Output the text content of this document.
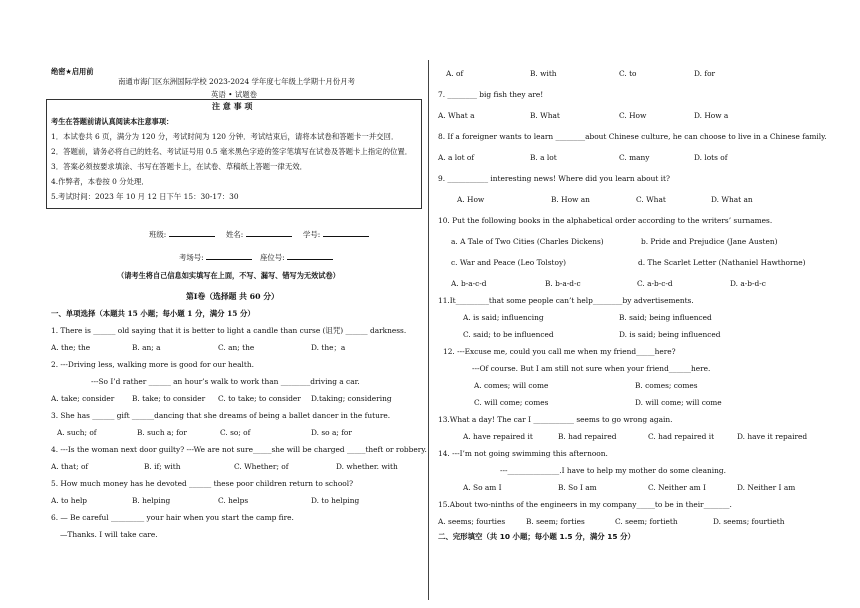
绝密★启用前
南通市海门区东洲国际学校 2023-2024 学年度七年级上学期十月份月考
英语 • 试题卷
注 意 事 项
考生在答题前请认真阅读本注意事项：
1．本试卷共 6 页，满分为 120 分，考试时间为 120 分钟．考试结束后，请将本试卷和答题卡一并交回．
2．答题前，请务必将自己的姓名、考试证号用 0.5 毫米黑色字迹的签字笔填写在试卷及答题卡上指定的位置．
3．答案必须按要求填涂、书写在答题卡上，在试卷、草稿纸上答题一律无效．
4.作弊者，本卷按 0 分处理．
5.考试时间：2023 年 10 月 12 日下午 15：30-17：30
班级:	姓名:	学号:
考场号:	座位号:
（请考生将自己信息如实填写在上面，不写、漏写、错写为无效试卷）
第Ⅰ卷（选择题 共 60 分）
一、单项选择（本题共 15 小题；每小题 1 分，满分 15 分）
1. There is ______ old saying that it is better to light a candle than curse (诅咒) ______ darkness.
A. the; the	B. an; a	C. an; the	D. the；a
2. ---Driving less, walking more is good for our health.
---So I’d rather ______ an hour’s walk to work than ________driving a car.
A. take; consider B. take; to consider C. to take; to consider D.taking; considering
3. She has ______ gift ______dancing that she dreams of being a ballet dancer in the future.
A. such; of	B. such a; for	C. so; of	D. so a; for
4. ---Is the woman next door guilty? ---We are not sure_____she will be charged _____theft or robbery.
A. that; of	B. if; with	C. Whether; of	D. whether. with
5. How much money has he devoted ______ these poor children return to school?
A. to help	B. helping	C. helps	D. to helping
6. — Be careful _________ your hair when you start the camp fire.
—Thanks. I will take care.
A. of	B. with	C. to	D. for
7. ________ big fish they are!
A. What a	B. What	C. How	D. How a
8. If a foreigner wants to learn ________about Chinese culture, he can choose to live in a Chinese family.
A. a lot of	B. a lot	C. many	D. lots of
9. ___________ interesting news! Where did you learn about it?
A. How	B. How an	C. What	D. What an
10. Put the following books in the alphabetical order according to the writers’ surnames.
a. A Tale of Two Cities (Charles Dickens)	b. Pride and Prejudice (Jane Austen)
c. War and Peace (Leo Tolstoy)	d. The Scarlet Letter (Nathaniel Hawthorne)
A. b-a-c-d	B. b-a-d-c	C. a-b-c-d	D. a-b-d-c
11.It_________that some people can’t help________by advertisements.
A. is said; influencing	B. said; being influenced
C. said; to be influenced	D. is said; being influenced
12. ---Excuse me, could you call me when my friend_____here?
---Of course. But I am still not sure when your friend______here.
A. comes; will come	B. comes; comes
C. will come; comes	D. will come; will come
13.What a day! The car I ___________ seems to go wrong again.
A. have repaired it	B. had repaired	C. had repaired it	D. have it repaired
14. ---I’m not going swimming this afternoon.
---______________.I have to help my mother do some cleaning.
A. So am I	B. So I am	C. Neither am I	D. Neither I am
15.About two-ninths of the engineers in my company_____to be in their_______.
A. seems; fourties	B. seem; forties	C. seem; fortieth	D. seems; fourtieth
二、完形填空（共 10 小题；每小题 1.5 分，满分 15 分）
